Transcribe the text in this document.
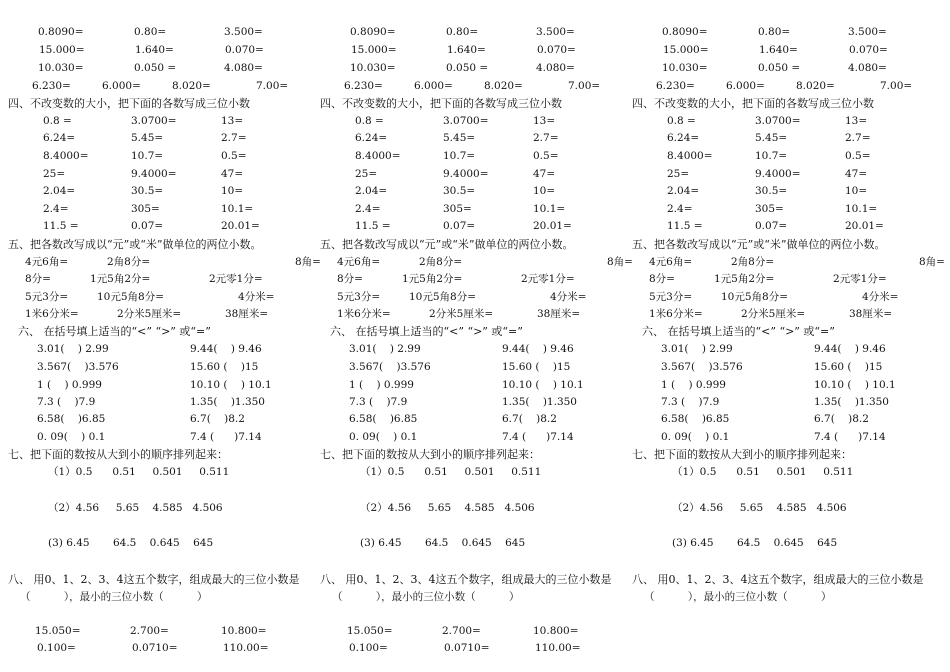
0.8090=	0.80=	3.500=
15.000=	1.640=	0.070=
10.030=	0.050 =	4.080=
6.230=	6.000=	8.020=	7.00=
四、不改变数的大小，把下面的各数写成三位小数
0.8 =	3.0700=	13=
6.24=	5.45=	2.7=
8.4000=	10.7=	0.5=
25=	9.4000=	47=
2.04=	30.5=	10=
2.4=	305=	10.1=
11.5 =	0.07=	20.01=
五、把各数改写成以“元”或“米”做单位的两位小数。
4元6角=	2角8分=	8角=
8分=	1元5角2分=	2元零1分=
5元3分=	10元5角8分=	4分米=
1米6分米=	2分米5厘米=	38厘米=
六、 在括号填上适当的“<” “>” 或“=”
3.01(    ) 2.99	9.44(    ) 9.46
3.567(    )3.576	15.60 (    )15
1 (    ) 0.999	10.10 (    ) 10.1
7.3 (    )7.9	1.35(    )1.350
6.58(    )6.85	6.7(    )8.2
0. 09(    ) 0.1	7.4 (      )7.14
七、把下面的数按从大到小的顺序排列起来：
（1）0.5      0.51     0.501     0.511
（2）4.56     5.65    4.585   4.506
(3) 6.45       64.5    0.645    645
八、 用0、1、2、3、4这五个数字，组成最大的三位小数是
（          ），最小的三位小数（          ）
15.050=	2.700=	10.800=
0.100=	0.0710=	110.00=
0.8090=	0.80=	3.500=
15.000=	1.640=	0.070=
10.030=	0.050 =	4.080=
6.230=	6.000=	8.020=	7.00=
四、不改变数的大小，把下面的各数写成三位小数
0.8 =	3.0700=	13=
6.24=	5.45=	2.7=
8.4000=	10.7=	0.5=
25=	9.4000=	47=
2.04=	30.5=	10=
2.4=	305=	10.1=
11.5 =	0.07=	20.01=
五、把各数改写成以“元”或“米”做单位的两位小数。
4元6角=	2角8分=	8角=
8分=	1元5角2分=	2元零1分=
5元3分=	10元5角8分=	4分米=
1米6分米=	2分米5厘米=	38厘米=
六、 在括号填上适当的“<” “>” 或“=”
3.01(    ) 2.99	9.44(    ) 9.46
3.567(    )3.576	15.60 (    )15
1 (    ) 0.999	10.10 (    ) 10.1
7.3 (    )7.9	1.35(    )1.350
6.58(    )6.85	6.7(    )8.2
0. 09(    ) 0.1	7.4 (      )7.14
七、把下面的数按从大到小的顺序排列起来：
（1）0.5      0.51     0.501     0.511
（2）4.56     5.65    4.585   4.506
(3) 6.45       64.5    0.645    645
八、 用0、1、2、3、4这五个数字，组成最大的三位小数是
（          ），最小的三位小数（          ）
15.050=	2.700=	10.800=
0.100=	0.0710=	110.00=
0.8090=	0.80=	3.500=
15.000=	1.640=	0.070=
10.030=	0.050 =	4.080=
6.230=	6.000=	8.020=	7.00=
四、不改变数的大小，把下面的各数写成三位小数
0.8 =	3.0700=	13=
6.24=	5.45=	2.7=
8.4000=	10.7=	0.5=
25=	9.4000=	47=
2.04=	30.5=	10=
2.4=	305=	10.1=
11.5 =	0.07=	20.01=
五、把各数改写成以“元”或“米”做单位的两位小数。
4元6角=	2角8分=	8角=
8分=	1元5角2分=	2元零1分=
5元3分=	10元5角8分=	4分米=
1米6分米=	2分米5厘米=	38厘米=
六、 在括号填上适当的“<” “>” 或“=”
3.01(    ) 2.99	9.44(    ) 9.46
3.567(    )3.576	15.60 (    )15
1 (    ) 0.999	10.10 (    ) 10.1
7.3 (    )7.9	1.35(    )1.350
6.58(    )6.85	6.7(    )8.2
0. 09(    ) 0.1	7.4 (      )7.14
七、把下面的数按从大到小的顺序排列起来：
（1）0.5      0.51     0.501     0.511
（2）4.56     5.65    4.585   4.506
(3) 6.45       64.5    0.645    645
八、 用0、1、2、3、4这五个数字，组成最大的三位小数是
（          ），最小的三位小数（          ）
